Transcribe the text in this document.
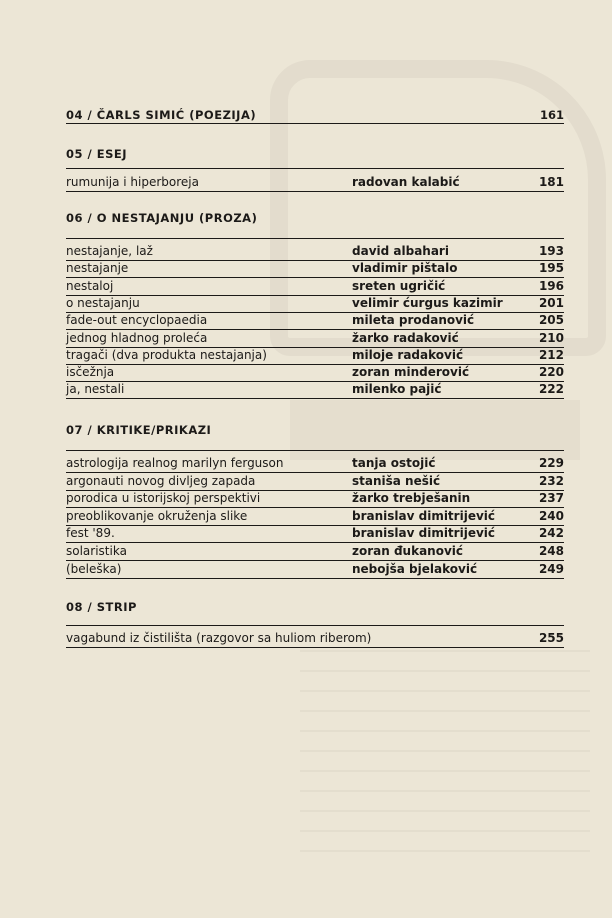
04 / ČARLS SIMIĆ (POEZIJA)	161
05 / ESEJ
rumunija i hiperboreja	radovan kalabić	181
06 / O NESTAJANJU (PROZA)
nestajanje, laž	david albahari	193
nestajanje	vladimir pištalo	195
nestaloj	sreten ugričić	196
o nestajanju	velimir ćurgus kazimir	201
fade-out encyclopaedia	mileta prodanović	205
jednog hladnog proleća	žarko radaković	210
tragači (dva produkta nestajanja)	miloje radaković	212
isčežnja	zoran minderović	220
ja, nestali	milenko pajić	222
07 / KRITIKE/PRIKAZI
astrologija realnog marilyn ferguson	tanja ostojić	229
argonauti novog divljeg zapada	staniša nešić	232
porodica u istorijskoj perspektivi	žarko trebješanin	237
preoblikovanje okruženja slike	branislav dimitrijević	240
fest '89.	branislav dimitrijević	242
solaristika	zoran đukanović	248
(beleška)	nebojša bjelaković	249
08 / STRIP
vagabund iz čistilišta (razgovor sa huliom riberom)	255
